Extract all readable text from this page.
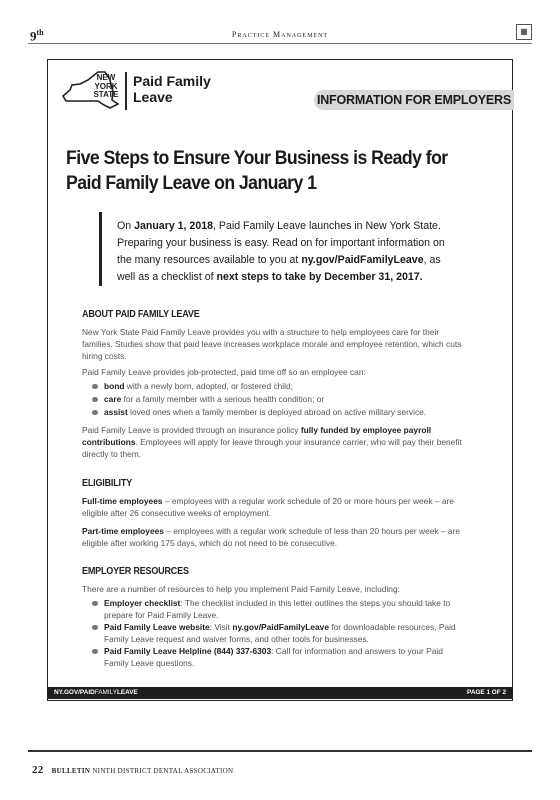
9th	Practice Management	▦
NEW
YORK
STATE
Paid Family
Leave	INFORMATION FOR EMPLOYERS
Five Steps to Ensure Your Business is Ready for
Paid Family Leave on January 1
On January 1, 2018, Paid Family Leave launches in New York State. Preparing your business is easy. Read on for important information on the many resources available to you at ny.gov/PaidFamilyLeave, as well as a checklist of next steps to take by December 31, 2017.
ABOUT PAID FAMILY LEAVE
New York State Paid Family Leave provides you with a structure to help employees care for their families. Studies show that paid leave increases workplace morale and employee retention, which cuts hiring costs.
Paid Family Leave provides job-protected, paid time off so an employee can:
bond with a newly born, adopted, or fostered child;
care for a family member with a serious health condition; or
assist loved ones when a family member is deployed abroad on active military service.
Paid Family Leave is provided through an insurance policy fully funded by employee payroll contributions. Employees will apply for leave through your insurance carrier, who will pay their benefit directly to them.
ELIGIBILITY
Full-time employees – employees with a regular work schedule of 20 or more hours per week – are eligible after 26 consecutive weeks of employment.
Part-time employees – employees with a regular work schedule of less than 20 hours per week – are eligible after working 175 days, which do not need to be consecutive.
EMPLOYER RESOURCES
There are a number of resources to help you implement Paid Family Leave, including:
Employer checklist: The checklist included in this letter outlines the steps you should take to prepare for Paid Family Leave.
Paid Family Leave website: Visit ny.gov/PaidFamilyLeave for downloadable resources, Paid Family Leave request and waiver forms, and other tools for businesses.
Paid Family Leave Helpline (844) 337-6303: Call for information and answers to your Paid Family Leave questions.
NY.GOV/PAIDFAMILYLEAVE	PAGE 1 OF 2
22 BULLETIN NINTH DISTRICT DENTAL ASSOCIATION
